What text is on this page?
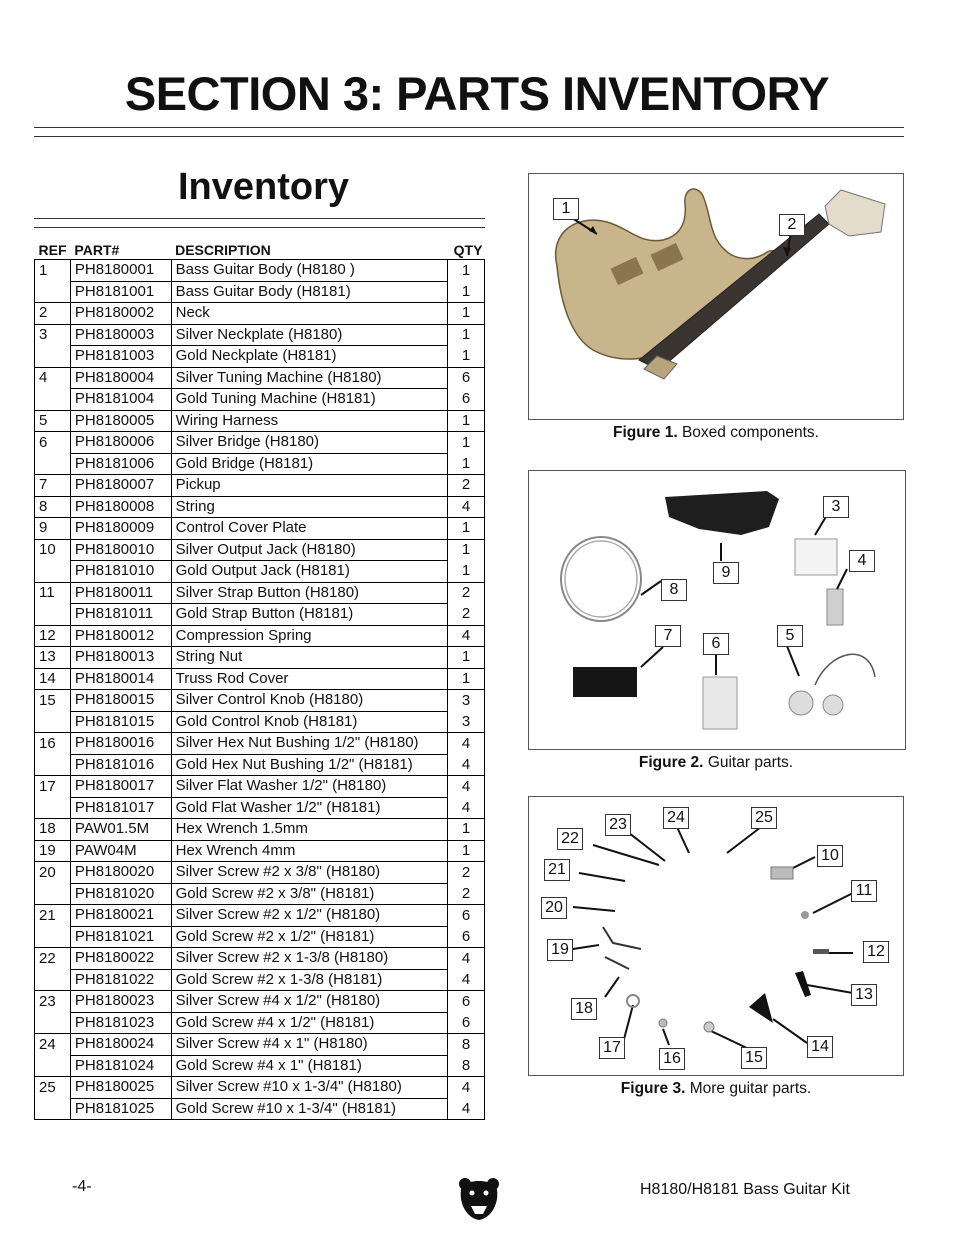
SECTION 3: PARTS INVENTORY
Inventory
REF	PART#	DESCRIPTION	QTY
1	PH8180001	Bass Guitar Body (H8180 )	1
	PH8181001	Bass Guitar Body (H8181)	1
2	PH8180002	Neck	1
3	PH8180003	Silver Neckplate (H8180)	1
	PH8181003	Gold Neckplate (H8181)	1
4	PH8180004	Silver Tuning Machine (H8180)	6
	PH8181004	Gold Tuning Machine (H8181)	6
5	PH8180005	Wiring Harness	1
6	PH8180006	Silver Bridge (H8180)	1
	PH8181006	Gold Bridge (H8181)	1
7	PH8180007	Pickup	2
8	PH8180008	String	4
9	PH8180009	Control Cover Plate	1
10	PH8180010	Silver Output Jack (H8180)	1
	PH8181010	Gold Output Jack (H8181)	1
11	PH8180011	Silver Strap Button (H8180)	2
	PH8181011	Gold Strap Button (H8181)	2
12	PH8180012	Compression Spring	4
13	PH8180013	String Nut	1
14	PH8180014	Truss Rod Cover	1
15	PH8180015	Silver Control Knob (H8180)	3
	PH8181015	Gold Control Knob (H8181)	3
16	PH8180016	Silver Hex Nut Bushing 1/2" (H8180)	4
	PH8181016	Gold Hex Nut Bushing 1/2" (H8181)	4
17	PH8180017	Silver Flat Washer 1/2" (H8180)	4
	PH8181017	Gold Flat Washer 1/2" (H8181)	4
18	PAW01.5M	Hex Wrench 1.5mm	1
19	PAW04M	Hex Wrench 4mm	1
20	PH8180020	Silver Screw #2 x 3/8" (H8180)	2
	PH8181020	Gold Screw #2 x 3/8" (H8181)	2
21	PH8180021	Silver Screw #2 x 1/2" (H8180)	6
	PH8181021	Gold Screw #2 x 1/2" (H8181)	6
22	PH8180022	Silver Screw #2 x 1-3/8 (H8180)	4
	PH8181022	Gold Screw #2 x 1-3/8 (H8181)	4
23	PH8180023	Silver Screw #4 x 1/2" (H8180)	6
	PH8181023	Gold Screw #4 x 1/2" (H8181)	6
24	PH8180024	Silver Screw #4 x 1" (H8180)	8
	PH8181024	Gold Screw #4 x 1" (H8181)	8
25	PH8180025	Silver Screw #10 x 1-3/4" (H8180)	4
	PH8181025	Gold Screw #10 x 1-3/4" (H8181)	4
1
2
Figure 1. Boxed components.
3
4
5
6
7
8
9
Figure 2. Guitar parts.
10
11
12
13
14
15
16
17
18
19
20
21
22
23	24	25
Figure 3. More guitar parts.
-4-	H8180/H8181 Bass Guitar Kit
